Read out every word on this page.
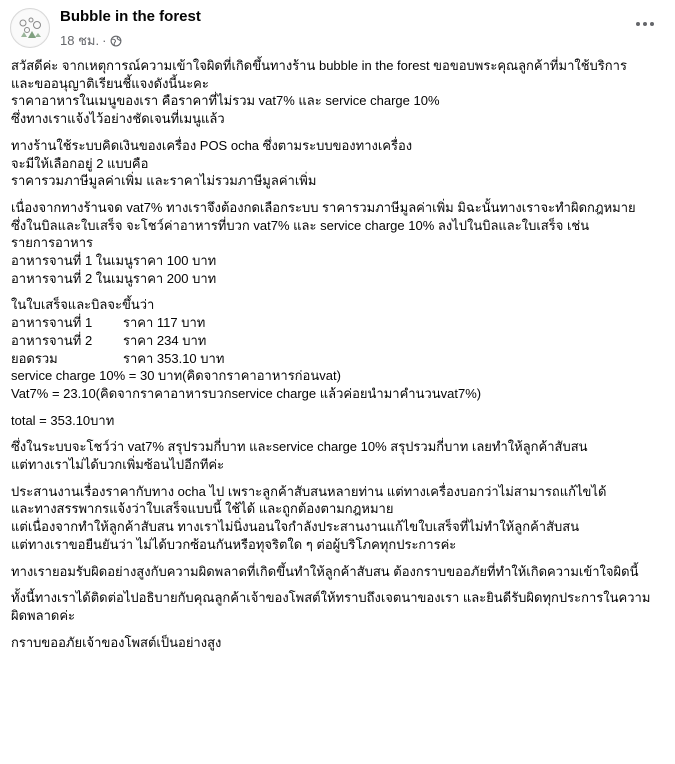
Bubble in the forest
18 ชม. ·

สวัสดีค่ะ จากเหตุการณ์ความเข้าใจผิดที่เกิดขึ้นทางร้าน bubble in the forest ขอขอบพระคุณลูกค้าที่มาใช้บริการ
และขออนุญาติเรียนชี้แจงดังนี้นะคะ
ราคาอาหารในเมนูของเรา คือราคาที่ไม่รวม vat7% และ service charge 10%
ซึ่งทางเราแจ้งไว้อย่างชัดเจนที่เมนูแล้ว

ทางร้านใช้ระบบคิดเงินของเครื่อง POS ocha ซึ่งตามระบบของทางเครื่อง
จะมีให้เลือกอยู่ 2 แบบคือ
ราคารวมภาษีมูลค่าเพิ่ม และราคาไม่รวมภาษีมูลค่าเพิ่ม

เนื่องจากทางร้านจด vat7% ทางเราจึงต้องกดเลือกระบบ ราคารวมภาษีมูลค่าเพิ่ม มิฉะนั้นทางเราจะทำผิดกฎหมาย
ซึ่งในบิลและใบเสร็จ จะโชว์ค่าอาหารที่บวก vat7% และ service charge 10% ลงไปในบิลและใบเสร็จ เช่น
รายการอาหาร
อาหารจานที่ 1 ในเมนูราคา 100 บาท
อาหารจานที่ 2 ในเมนูราคา 200 บาท

ในใบเสร็จและบิลจะขึ้นว่า
อาหารจานที่ 1	ราคา 117 บาท
อาหารจานที่ 2	ราคา 234 บาท
ยอดรวม	ราคา 353.10 บาท
service charge 10% = 30 บาท(คิดจากราคาอาหารก่อนvat)
Vat7% = 23.10(คิดจากราคาอาหารบวกservice charge แล้วค่อยนำมาคำนวนvat7%)

total = 353.10บาท

ซึ่งในระบบจะโชว์ว่า vat7% สรุปรวมกี่บาท และservice charge 10% สรุปรวมกี่บาท เลยทำให้ลูกค้าสับสน
แต่ทางเราไม่ได้บวกเพิ่มซ้อนไปอีกทีค่ะ

ประสานงานเรื่องราคากับทาง ocha ไป เพราะลูกค้าสับสนหลายท่าน แต่ทางเครื่องบอกว่าไม่สามารถแก้ไขได้
และทางสรรพากรแจ้งว่าใบเสร็จแบบนี้ ใช้ได้ และถูกต้องตามกฎหมาย
แต่เนื่องจากทำให้ลูกค้าสับสน ทางเราไม่นิ่งนอนใจกำลังประสานงานแก้ไขใบเสร็จที่ไม่ทำให้ลูกค้าสับสน
แต่ทางเราขอยืนยันว่า ไม่ได้บวกซ้อนกันหรือทุจริตใด ๆ ต่อผู้บริโภคทุกประการค่ะ

ทางเรายอมรับผิดอย่างสูงกับความผิดพลาดที่เกิดขึ้นทำให้ลูกค้าสับสน ต้องกราบขออภัยที่ทำให้เกิดความเข้าใจผิดนี้

ทั้งนี้ทางเราได้ติดต่อไปอธิบายกับคุณลูกค้าเจ้าของโพสต์ให้ทราบถึงเจตนาของเรา และยินดีรับผิดทุกประการในความผิดพลาดค่ะ

กราบขออภัยเจ้าของโพสต์เป็นอย่างสูง
